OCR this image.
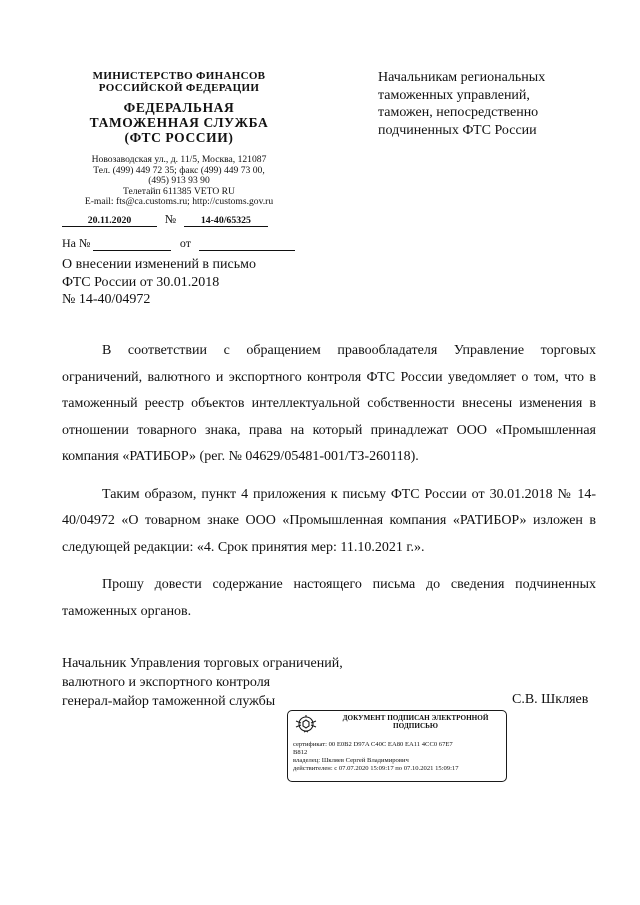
МИНИСТЕРСТВО ФИНАНСОВ
РОССИЙСКОЙ ФЕДЕРАЦИИ
ФЕДЕРАЛЬНАЯ
ТАМОЖЕННАЯ СЛУЖБА
(ФТС РОССИИ)
Новозаводская ул., д. 11/5, Москва, 121087
Тел. (499) 449 72 35; факс (499) 449 73 00,
(495) 913 93 90
Телетайп 611385 VETO RU
E-mail: fts@ca.customs.ru; http://customs.gov.ru
20.11.2020	№	14-40/65325
На №	от
О внесении изменений в письмо
ФТС России от 30.01.2018
№ 14-40/04972
Начальникам региональных
таможенных управлений,
таможен, непосредственно
подчиненных ФТС России

В соответствии с обращением правообладателя Управление торговых ограничений, валютного и экспортного контроля ФТС России уведомляет о том, что в таможенный реестр объектов интеллектуальной собственности внесены изменения в отношении товарного знака, права на который принадлежат ООО «Промышленная компания «РАТИБОР» (рег. № 04629/05481-001/ТЗ-260118).

Таким образом, пункт 4 приложения к письму ФТС России от 30.01.2018 № 14-40/04972 «О товарном знаке ООО «Промышленная компания «РАТИБОР» изложен в следующей редакции: «4. Срок принятия мер: 11.10.2021 г.».

Прошу довести содержание настоящего письма до сведения подчиненных таможенных органов.

Начальник Управления торговых ограничений,
валютного и экспортного контроля
генерал-майор таможенной службы	С.В. Шкляев
ДОКУМЕНТ ПОДПИСАН ЭЛЕКТРОННОЙ
ПОДПИСЬЮ
сертификат: 00 E0B2 D97A C40C EA80 EA11 4CC0 67E7
B812
владелец: Шкляев Сергей Владимирович
действителен: с 07.07.2020 15:09:17 по 07.10.2021 15:09:17
